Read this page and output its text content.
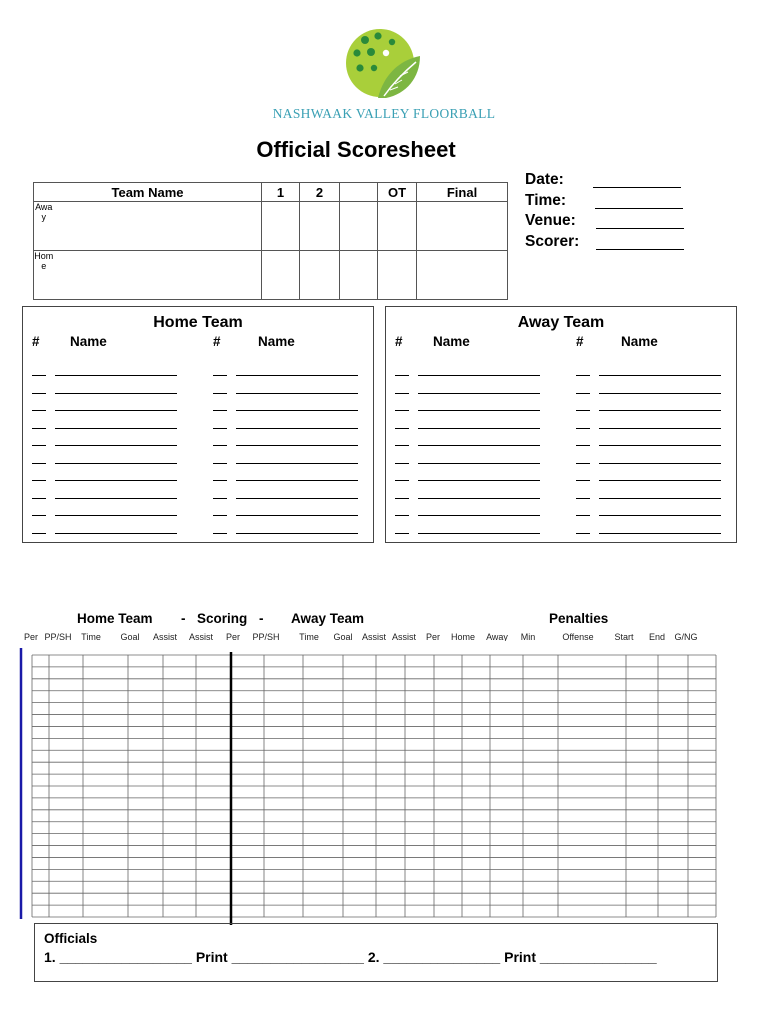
NASHWAAK VALLEY FLOORBALL
Official Scoresheet
Team Name		1	2		OT	Final
Away						
Home						
Date:
Time:
Venue:
Scorer:
Home Team
# Name	#	Name
Away Team
# Name	#	Name
Home Team - Scoring - Away Team	Penalties
Per PP/SH Time Goal Assist Assist Per PP/SH Time Goal Assist Assist Per Home Away Min	Offense Start End G/NG
Officials
1. _________________ Print _________________ 2. _______________ Print _______________
